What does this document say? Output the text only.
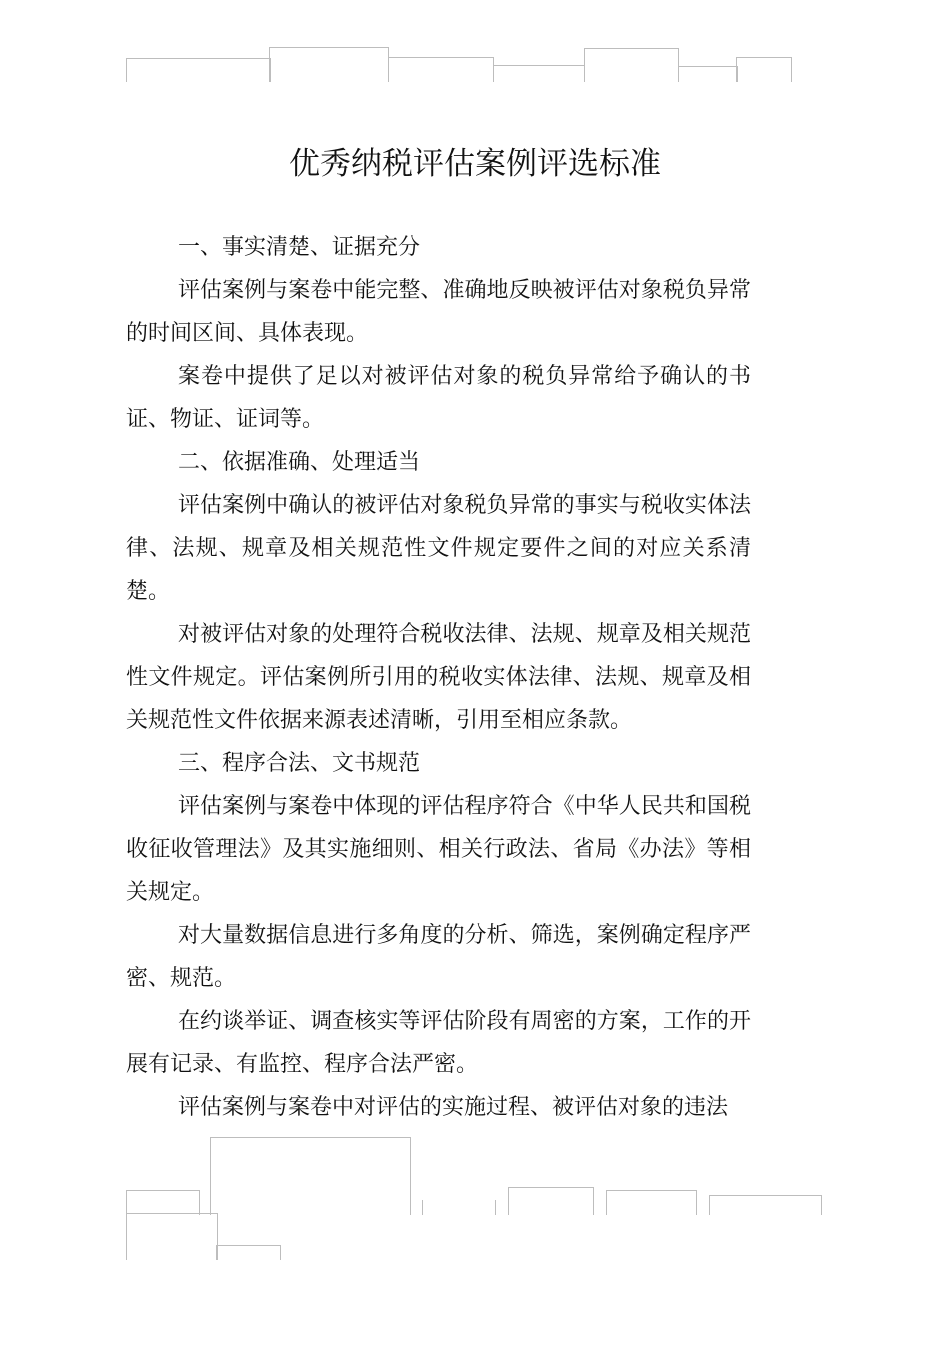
优秀纳税评估案例评选标准

一、事实清楚、证据充分

评估案例与案卷中能完整、准确地反映被评估对象税负异常的时间区间、具体表现。

案卷中提供了足以对被评估对象的税负异常给予确认的书证、物证、证词等。

二、依据准确、处理适当

评估案例中确认的被评估对象税负异常的事实与税收实体法律、法规、规章及相关规范性文件规定要件之间的对应关系清楚。

对被评估对象的处理符合税收法律、法规、规章及相关规范性文件规定。评估案例所引用的税收实体法律、法规、规章及相关规范性文件依据来源表述清晰，引用至相应条款。

三、程序合法、文书规范

评估案例与案卷中体现的评估程序符合《中华人民共和国税收征收管理法》及其实施细则、相关行政法、省局《办法》等相关规定。

对大量数据信息进行多角度的分析、筛选，案例确定程序严密、规范。

在约谈举证、调查核实等评估阶段有周密的方案，工作的开展有记录、有监控、程序合法严密。

评估案例与案卷中对评估的实施过程、被评估对象的违法
